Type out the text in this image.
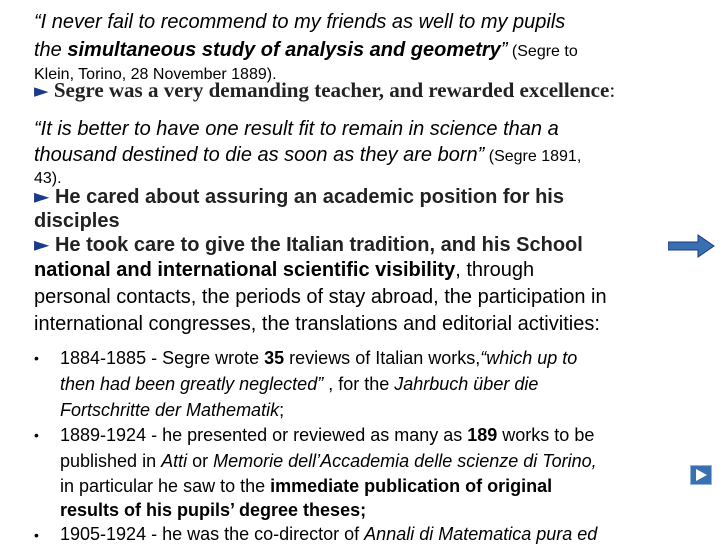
“I never fail to recommend to my friends as well to my pupils
the simultaneous study of analysis and geometry” (Segre to
Klein, Torino, 28 November 1889).
► Segre was a very demanding teacher, and rewarded excellence:
“It is better to have one result fit to remain in science than a
thousand destined to die as soon as they are born” (Segre 1891,
43).
► He cared about assuring an academic position for his
disciples
► He took care to give the Italian tradition, and his School
national and international scientific visibility, through
personal contacts, the periods of stay abroad, the participation in
international congresses, the translations and editorial activities:
• 1884-1885 - Segre wrote 35 reviews of Italian works,“which up to
then had been greatly neglected” , for the Jahrbuch über die
Fortschritte der Mathematik;
• 1889-1924 - he presented or reviewed as many as 189 works to be
published in Atti or Memorie dell’Accademia delle scienze di Torino,
in particular he saw to the immediate publication of original
results of his pupils’ degree theses;
• 1905-1924 - he was the co-director of Annali di Matematica pura ed
